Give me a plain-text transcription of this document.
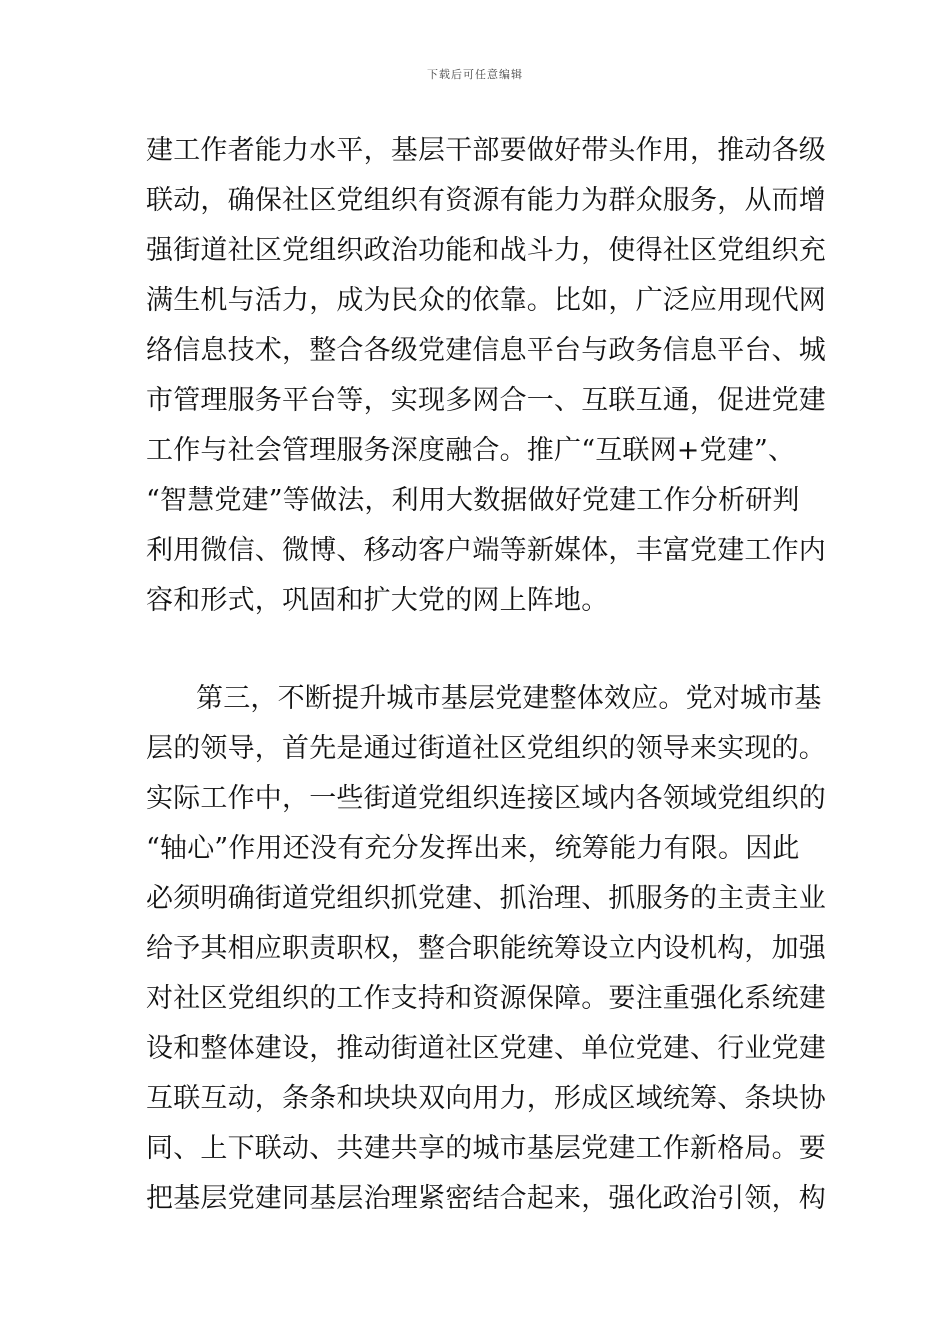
下载后可任意编辑
建工作者能力水平，基层干部要做好带头作用，推动各级
联动，确保社区党组织有资源有能力为群众服务，从而增
强街道社区党组织政治功能和战斗力，使得社区党组织充
满生机与活力，成为民众的依靠。比如，广泛应用现代网
络信息技术，整合各级党建信息平台与政务信息平台、城
市管理服务平台等，实现多网合一、互联互通，促进党建
工作与社会管理服务深度融合。推广“互联网+党建”、
“智慧党建”等做法，利用大数据做好党建工作分析研判
利用微信、微博、移动客户端等新媒体，丰富党建工作内
容和形式，巩固和扩大党的网上阵地。
第三，不断提升城市基层党建整体效应。党对城市基
层的领导，首先是通过街道社区党组织的领导来实现的。
实际工作中，一些街道党组织连接区域内各领域党组织的
“轴心”作用还没有充分发挥出来，统筹能力有限。因此
必须明确街道党组织抓党建、抓治理、抓服务的主责主业
给予其相应职责职权，整合职能统筹设立内设机构，加强
对社区党组织的工作支持和资源保障。要注重强化系统建
设和整体建设，推动街道社区党建、单位党建、行业党建
互联互动，条条和块块双向用力，形成区域统筹、条块协
同、上下联动、共建共享的城市基层党建工作新格局。要
把基层党建同基层治理紧密结合起来，强化政治引领，构
